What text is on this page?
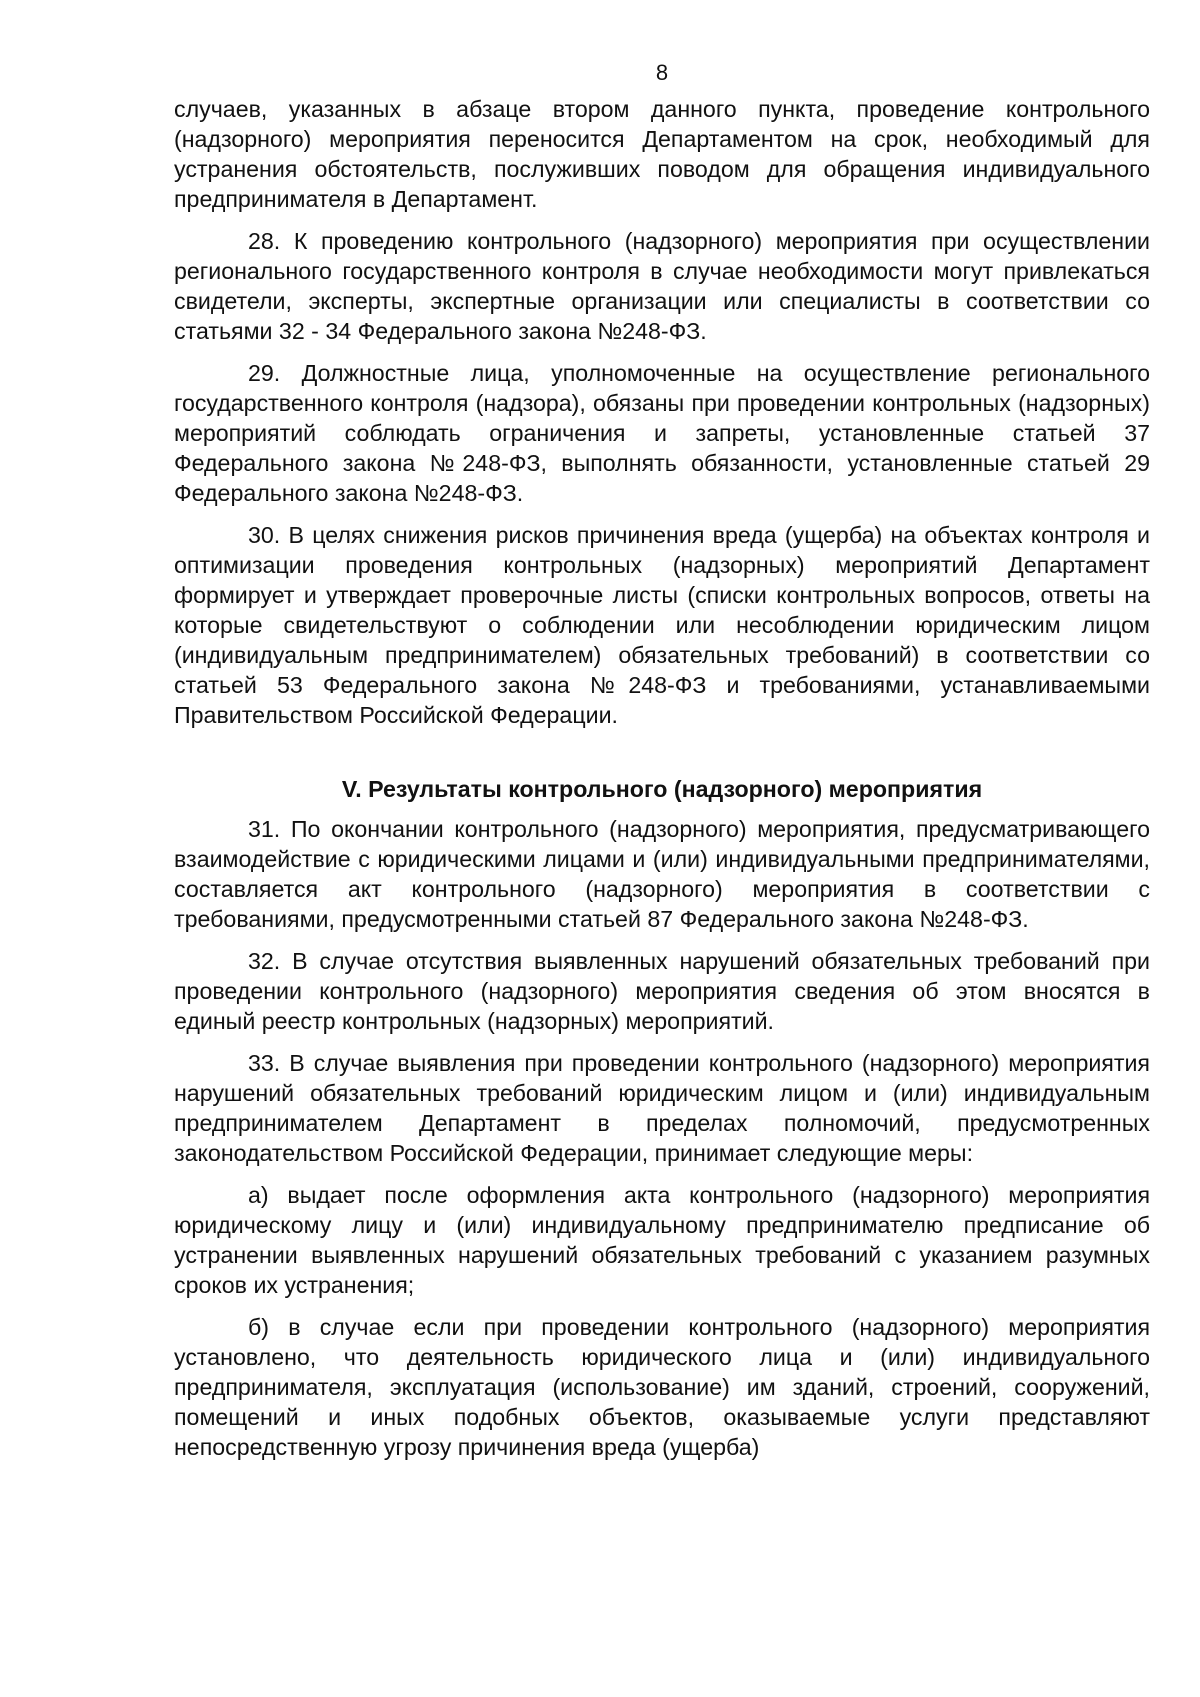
8

случаев, указанных в абзаце втором данного пункта, проведение контрольного (надзорного) мероприятия переносится Департаментом на срок, необходимый для устранения обстоятельств, послуживших поводом для обращения индивидуального предпринимателя в Департамент.

28. К проведению контрольного (надзорного) мероприятия при осуществлении регионального государственного контроля в случае необходимости могут привлекаться свидетели, эксперты, экспертные организации или специалисты в соответствии со статьями 32 - 34 Федерального закона №248-ФЗ.

29. Должностные лица, уполномоченные на осуществление регионального государственного контроля (надзора), обязаны при проведении контрольных (надзорных) мероприятий соблюдать ограничения и запреты, установленные статьей 37 Федерального закона №248-ФЗ, выполнять обязанности, установленные статьей 29 Федерального закона №248-ФЗ.

30. В целях снижения рисков причинения вреда (ущерба) на объектах контроля и оптимизации проведения контрольных (надзорных) мероприятий Департамент формирует и утверждает проверочные листы (списки контрольных вопросов, ответы на которые свидетельствуют о соблюдении или несоблюдении юридическим лицом (индивидуальным предпринимателем) обязательных требований) в соответствии со статьей 53 Федерального закона №248-ФЗ и требованиями, устанавливаемыми Правительством Российской Федерации.

V. Результаты контрольного (надзорного) мероприятия

31. По окончании контрольного (надзорного) мероприятия, предусматривающего взаимодействие с юридическими лицами и (или) индивидуальными предпринимателями, составляется акт контрольного (надзорного) мероприятия в соответствии с требованиями, предусмотренными статьей 87 Федерального закона №248-ФЗ.

32. В случае отсутствия выявленных нарушений обязательных требований при проведении контрольного (надзорного) мероприятия сведения об этом вносятся в единый реестр контрольных (надзорных) мероприятий.

33. В случае выявления при проведении контрольного (надзорного) мероприятия нарушений обязательных требований юридическим лицом и (или) индивидуальным предпринимателем Департамент в пределах полномочий, предусмотренных законодательством Российской Федерации, принимает следующие меры:

а) выдает после оформления акта контрольного (надзорного) мероприятия юридическому лицу и (или) индивидуальному предпринимателю предписание об устранении выявленных нарушений обязательных требований с указанием разумных сроков их устранения;

б) в случае если при проведении контрольного (надзорного) мероприятия установлено, что деятельность юридического лица и (или) индивидуального предпринимателя, эксплуатация (использование) им зданий, строений, сооружений, помещений и иных подобных объектов, оказываемые услуги представляют непосредственную угрозу причинения вреда (ущерба)
